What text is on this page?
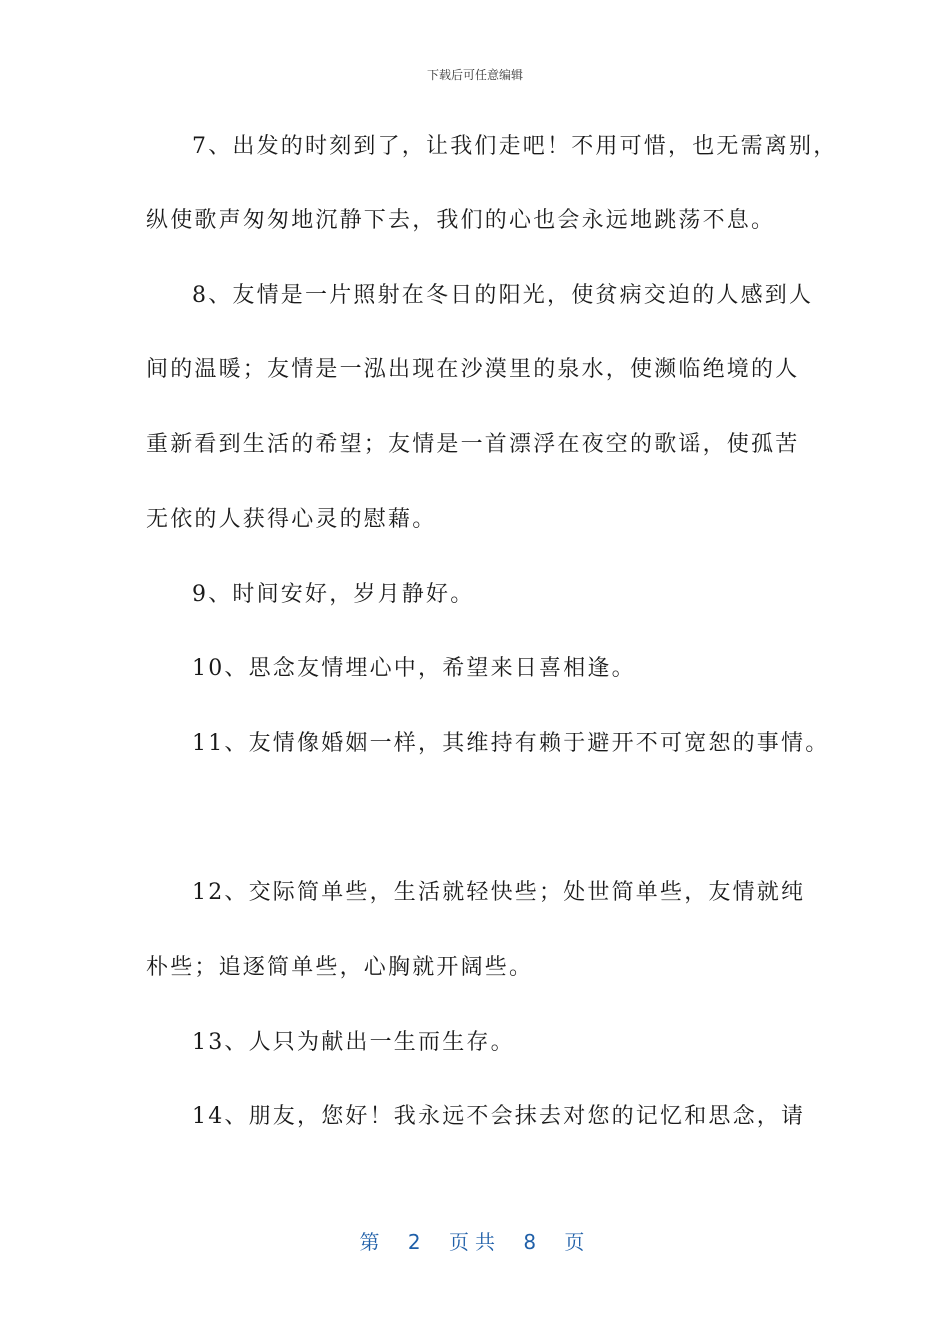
下载后可任意编辑
7、出发的时刻到了，让我们走吧！不用可惜，也无需离别，
纵使歌声匆匆地沉静下去，我们的心也会永远地跳荡不息。
8、友情是一片照射在冬日的阳光，使贫病交迫的人感到人
间的温暖；友情是一泓出现在沙漠里的泉水，使濒临绝境的人
重新看到生活的希望；友情是一首漂浮在夜空的歌谣，使孤苦
无依的人获得心灵的慰藉。
9、时间安好，岁月静好。
10、思念友情埋心中，希望来日喜相逢。
11、友情像婚姻一样，其维持有赖于避开不可宽恕的事情。
12、交际简单些，生活就轻快些；处世简单些，友情就纯
朴些；追逐简单些，心胸就开阔些。
13、人只为献出一生而生存。
14、朋友，您好！我永远不会抹去对您的记忆和思念，请
第 2 页共 8 页
